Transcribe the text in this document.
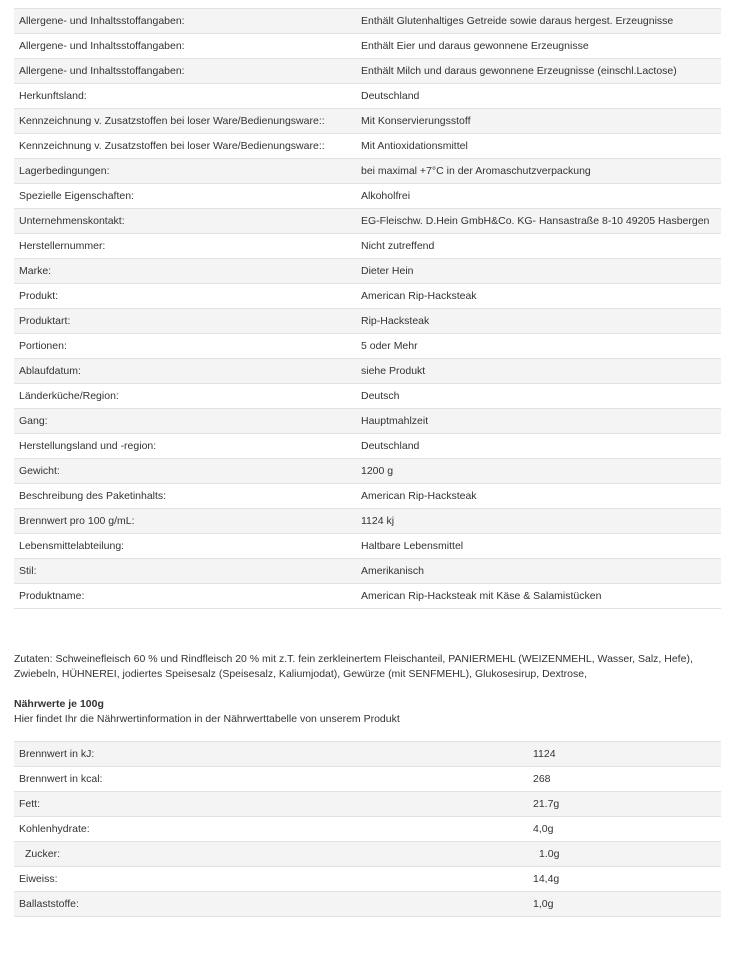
Allergene- und Inhaltsstoffangaben:	Enthält Glutenhaltiges Getreide sowie daraus hergest. Erzeugnisse
Allergene- und Inhaltsstoffangaben:	Enthält Eier und daraus gewonnene Erzeugnisse
Allergene- und Inhaltsstoffangaben:	Enthält Milch und daraus gewonnene Erzeugnisse (einschl.Lactose)
Herkunftsland:	Deutschland
Kennzeichnung v. Zusatzstoffen bei loser Ware/Bedienungsware::	Mit Konservierungsstoff
Kennzeichnung v. Zusatzstoffen bei loser Ware/Bedienungsware::	Mit Antioxidationsmittel
Lagerbedingungen:	bei maximal +7°C in der Aromaschutzverpackung
Spezielle Eigenschaften:	Alkoholfrei
Unternehmenskontakt:	EG-Fleischw. D.Hein GmbH&Co. KG- Hansastraße 8-10 49205 Hasbergen
Herstellernummer:	Nicht zutreffend
Marke:	Dieter Hein
Produkt:	American Rip-Hacksteak
Produktart:	Rip-Hacksteak
Portionen:	5 oder Mehr
Ablaufdatum:	siehe Produkt
Länderküche/Region:	Deutsch
Gang:	Hauptmahlzeit
Herstellungsland und -region:	Deutschland
Gewicht:	1200 g
Beschreibung des Paketinhalts:	American Rip-Hacksteak
Brennwert pro 100 g/mL:	1124 kj
Lebensmittelabteilung:	Haltbare Lebensmittel
Stil:	Amerikanisch
Produktname:	American Rip-Hacksteak mit Käse & Salamistücken
Zutaten: Schweinefleisch 60 % und Rindfleisch 20 % mit z.T. fein zerkleinertem Fleischanteil, PANIERMEHL (WEIZENMEHL, Wasser, Salz, Hefe), Zwiebeln, HÜHNEREI, jodiertes Speisesalz (Speisesalz, Kaliumjodat), Gewürze (mit SENFMEHL), Glukosesirup, Dextrose,
Nährwerte je 100g
Hier findet Ihr die Nährwertinformation in der Nährwerttabelle von unserem Produkt
Brennwert in kJ:	1124
Brennwert in kcal:	268
Fett:	21.7g
Kohlenhydrate:	4,0g
Zucker:	1.0g
Eiweiss:	14,4g
Ballaststoffe:	1,0g
